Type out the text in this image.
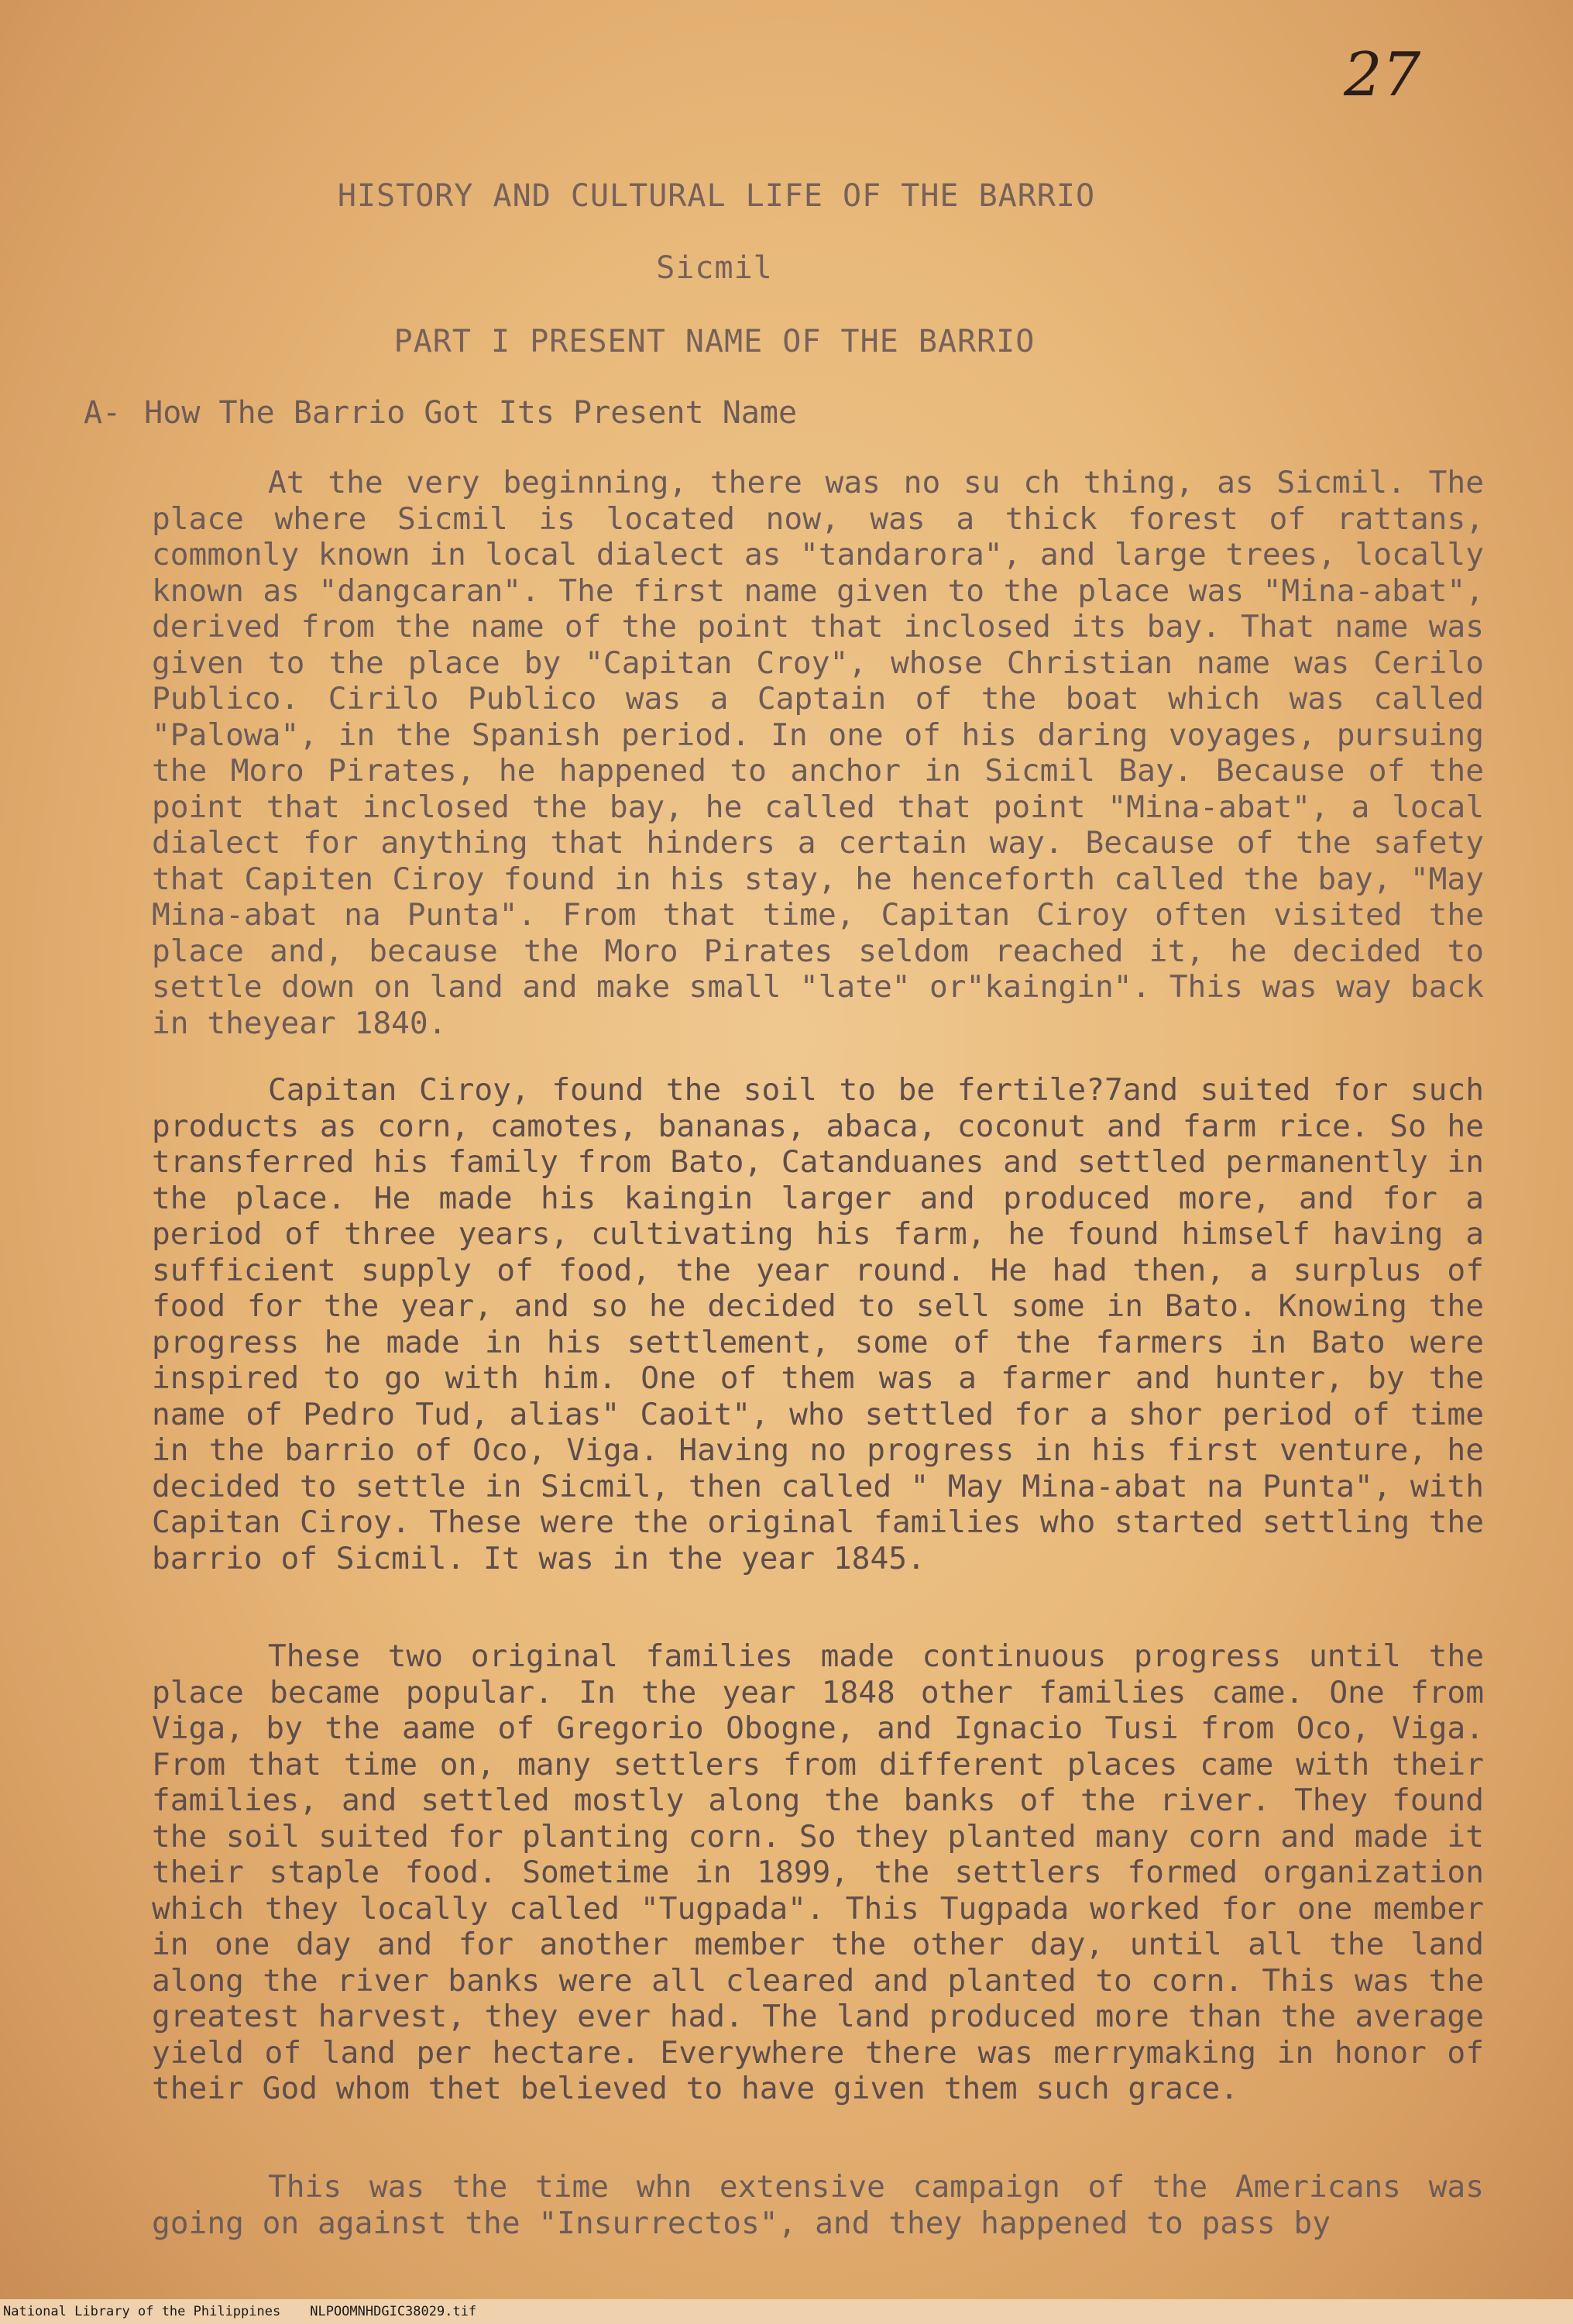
27
HISTORY AND CULTURAL LIFE OF THE BARRIO
Sicmil
PART I PRESENT NAME OF THE BARRIO
A- How The Barrio Got Its Present Name

At the very beginning, there was no su ch thing, as Sicmil. The place where Sicmil is located now, was a thick forest of rattans, commonly known in local dialect as "tandarora", and large trees, locally known as "dangcaran". The first name given to the place was "Mina-abat", derived from the name of the point that inclosed its bay. That name was given to the place by "Capitan Croy", whose Christian name was Cerilo Publico. Cirilo Publico was a Captain of the boat which was called "Palowa", in the Spanish period. In one of his daring voyages, pursuing the Moro Pirates, he happened to anchor in Sicmil Bay. Because of the point that inclosed the bay, he called that point "Mina-abat", a local dialect for anything that hinders a certain way. Because of the safety that Capiten Ciroy found in his stay, he henceforth called the bay, "May Mina-abat na Punta". From that time, Capitan Ciroy often visited the place and, because the Moro Pirates seldom reached it, he decided to settle down on land and make small "late" or"kaingin". This was way back in theyear 1840.

Capitan Ciroy, found the soil to be fertile?7and suited for such products as corn, camotes, bananas, abaca, coconut and farm rice. So he transferred his family from Bato, Catanduanes and settled permanently in the place. He made his kaingin larger and produced more, and for a period of three years, cultivating his farm, he found himself having a sufficient supply of food, the year round. He had then, a surplus of food for the year, and so he decided to sell some in Bato. Knowing the progress he made in his settlement, some of the farmers in Bato were inspired to go with him. One of them was a farmer and hunter, by the name of Pedro Tud, alias" Caoit", who settled for a shor period of time in the barrio of Oco, Viga. Having no progress in his first venture, he decided to settle in Sicmil, then called " May Mina-abat na Punta", with Capitan Ciroy. These were the original families who started settling the barrio of Sicmil. It was in the year 1845.

These two original families made continuous progress until the place became popular. In the year 1848 other families came. One from Viga, by the aame of Gregorio Obogne, and Ignacio Tusi from Oco, Viga. From that time on, many settlers from different places came with their families, and settled mostly along the banks of the river. They found the soil suited for planting corn. So they planted many corn and made it their staple food. Sometime in 1899, the settlers formed organization which they locally called "Tugpada". This Tugpada worked for one member in one day and for another member the other day, until all the land along the river banks were all cleared and planted to corn. This was the greatest harvest, they ever had. The land produced more than the average yield of land per hectare. Everywhere there was merrymaking in honor of their God whom thet believed to have given them such grace.

This was the time whn extensive campaign of the Americans was going on against the "Insurrectos", and they happened to pass by

National Library of the Philippines NLPOOMNHDGIC38029.tif
